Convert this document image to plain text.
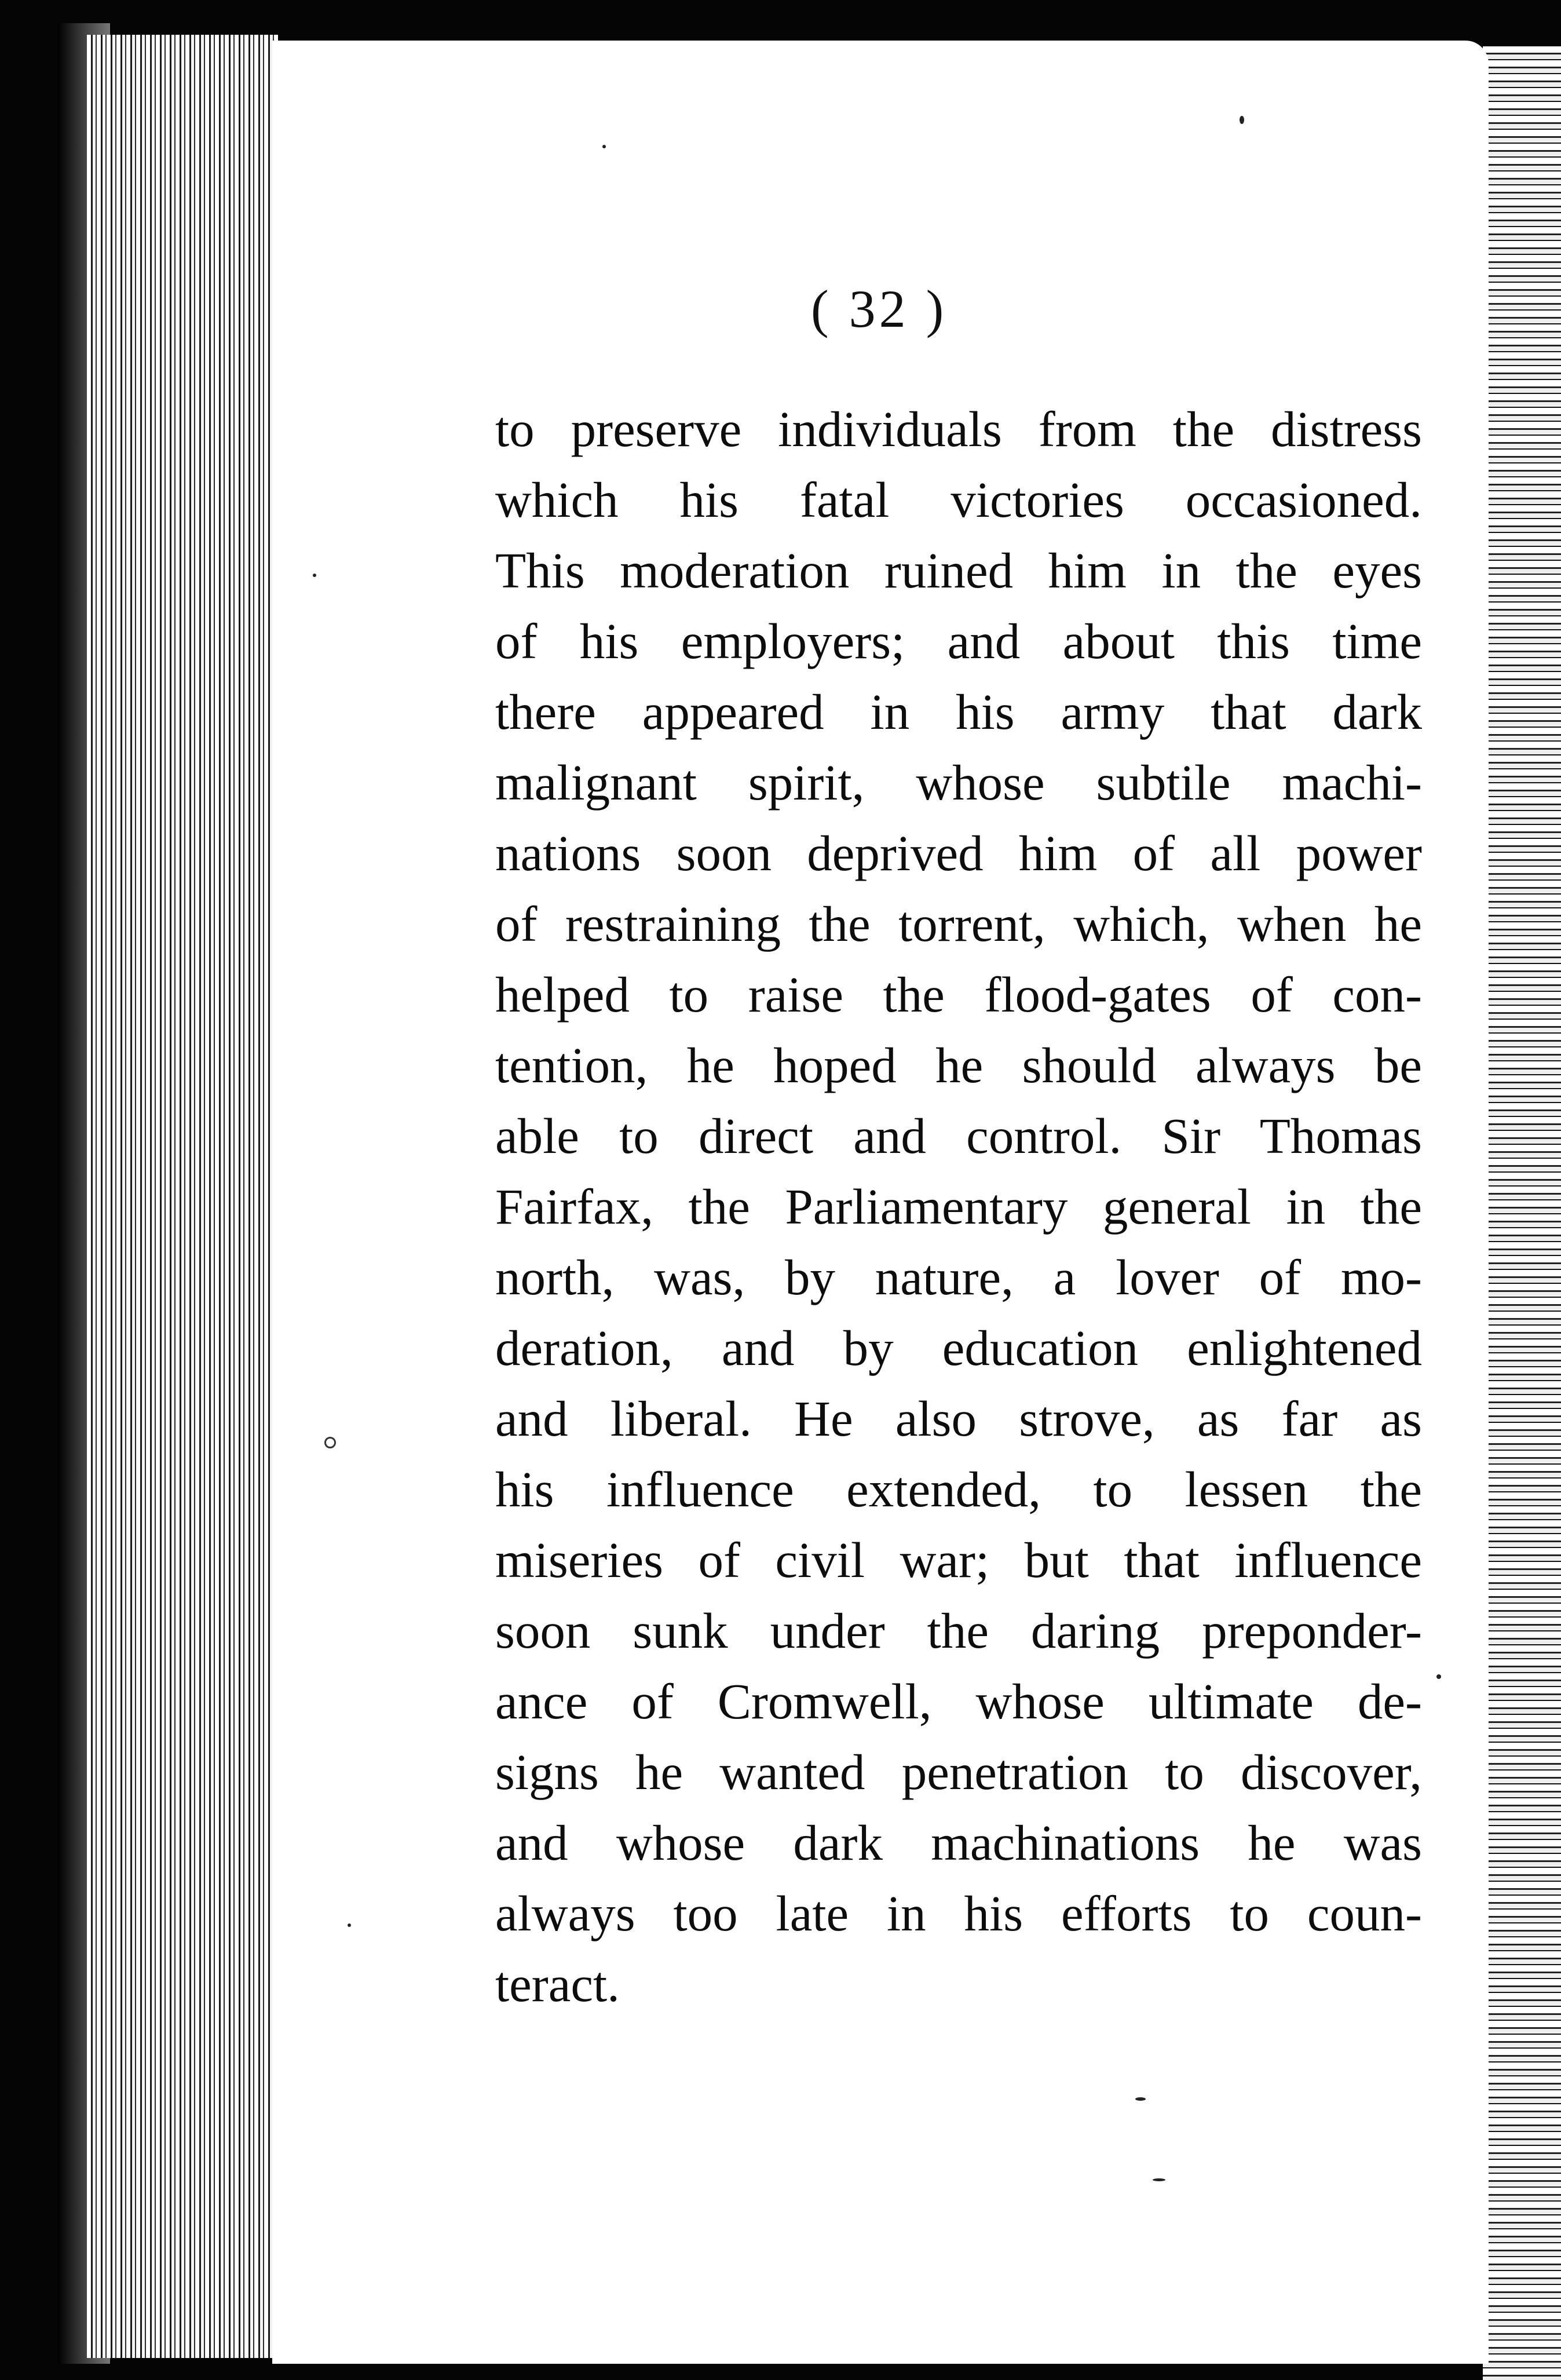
( 32 )
to preserve individuals from the distress
which his fatal victories occasioned.
This moderation ruined him in the eyes
of his employers; and about this time
there appeared in his army that dark
malignant spirit, whose subtile machi-
nations soon deprived him of all power
of restraining the torrent, which, when he
helped to raise the flood-gates of con-
tention, he hoped he should always be
able to direct and control. Sir Thomas
Fairfax, the Parliamentary general in the
north, was, by nature, a lover of mo-
deration, and by education enlightened
and liberal. He also strove, as far as
his influence extended, to lessen the
miseries of civil war; but that influence
soon sunk under the daring preponder-
ance of Cromwell, whose ultimate de-
signs he wanted penetration to discover,
and whose dark machinations he was
always too late in his efforts to coun-
teract.
